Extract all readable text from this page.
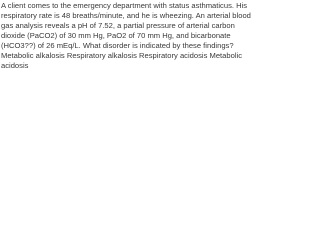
A client comes to the emergency department with status asthmaticus. His respiratory rate is 48 breaths/minute, and he is wheezing. An arterial blood gas analysis reveals a pH of 7.52, a partial pressure of arterial carbon dioxide (PaCO2) of 30 mm Hg, PaO2 of 70 mm Hg, and bicarbonate (HCO3??) of 26 mEq/L. What disorder is indicated by these findings? Metabolic alkalosis Respiratory alkalosis Respiratory acidosis Metabolic acidosis
